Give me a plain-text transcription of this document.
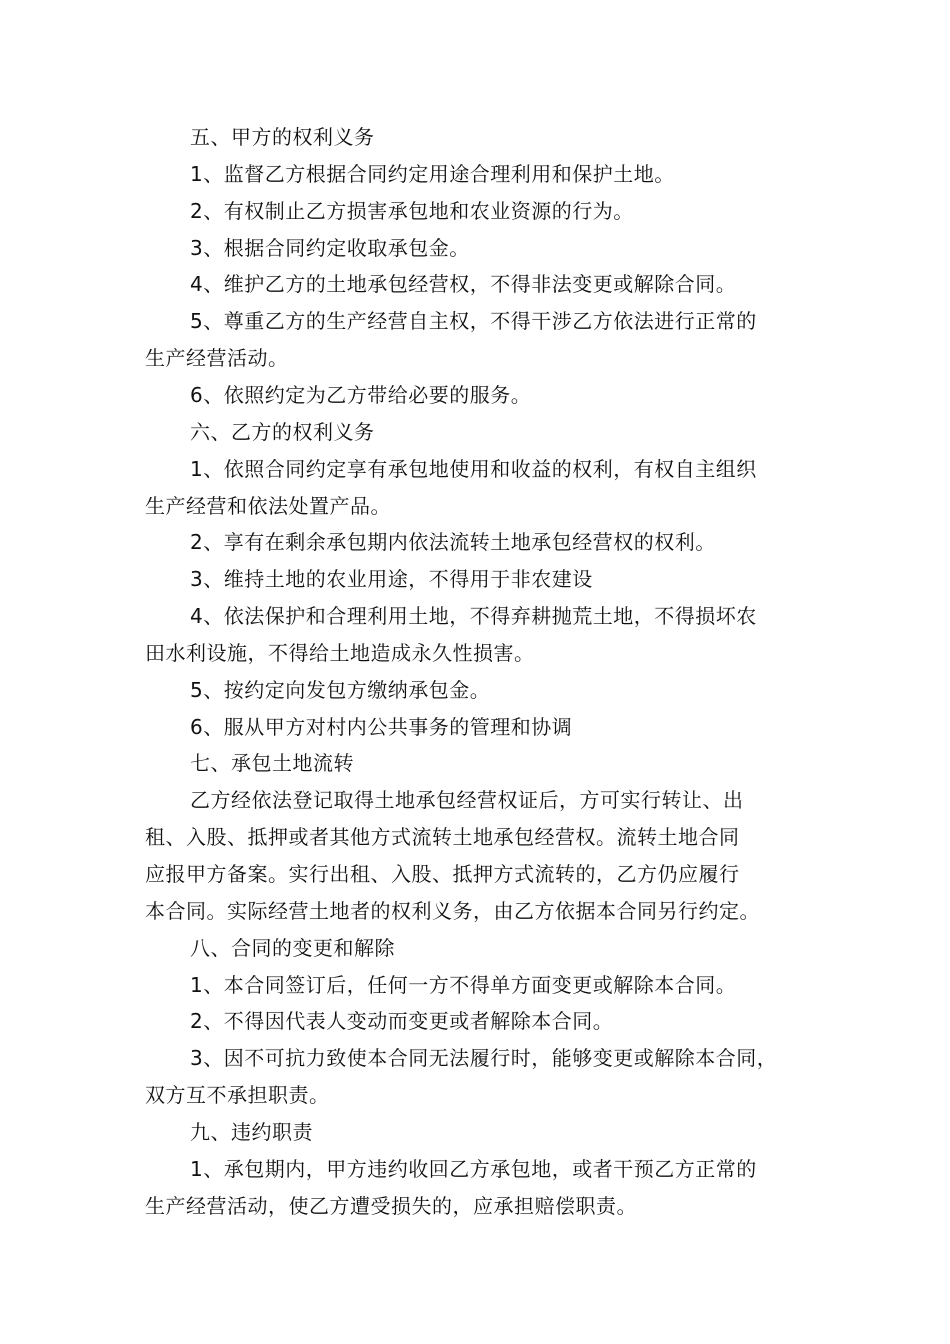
五、甲方的权利义务
1、监督乙方根据合同约定用途合理利用和保护土地。
2、有权制止乙方损害承包地和农业资源的行为。
3、根据合同约定收取承包金。
4、维护乙方的土地承包经营权，不得非法变更或解除合同。
5、尊重乙方的生产经营自主权，不得干涉乙方依法进行正常的
生产经营活动。
6、依照约定为乙方带给必要的服务。
六、乙方的权利义务
1、依照合同约定享有承包地使用和收益的权利，有权自主组织
生产经营和依法处置产品。
2、享有在剩余承包期内依法流转土地承包经营权的权利。
3、维持土地的农业用途，不得用于非农建设
4、依法保护和合理利用土地，不得弃耕抛荒土地，不得损坏农
田水利设施，不得给土地造成永久性损害。
5、按约定向发包方缴纳承包金。
6、服从甲方对村内公共事务的管理和协调
七、承包土地流转
乙方经依法登记取得土地承包经营权证后，方可实行转让、出
租、入股、抵押或者其他方式流转土地承包经营权。流转土地合同
应报甲方备案。实行出租、入股、抵押方式流转的，乙方仍应履行
本合同。实际经营土地者的权利义务，由乙方依据本合同另行约定。
八、合同的变更和解除
1、本合同签订后，任何一方不得单方面变更或解除本合同。
2、不得因代表人变动而变更或者解除本合同。
3、因不可抗力致使本合同无法履行时，能够变更或解除本合同，
双方互不承担职责。
九、违约职责
1、承包期内，甲方违约收回乙方承包地，或者干预乙方正常的
生产经营活动，使乙方遭受损失的，应承担赔偿职责。
